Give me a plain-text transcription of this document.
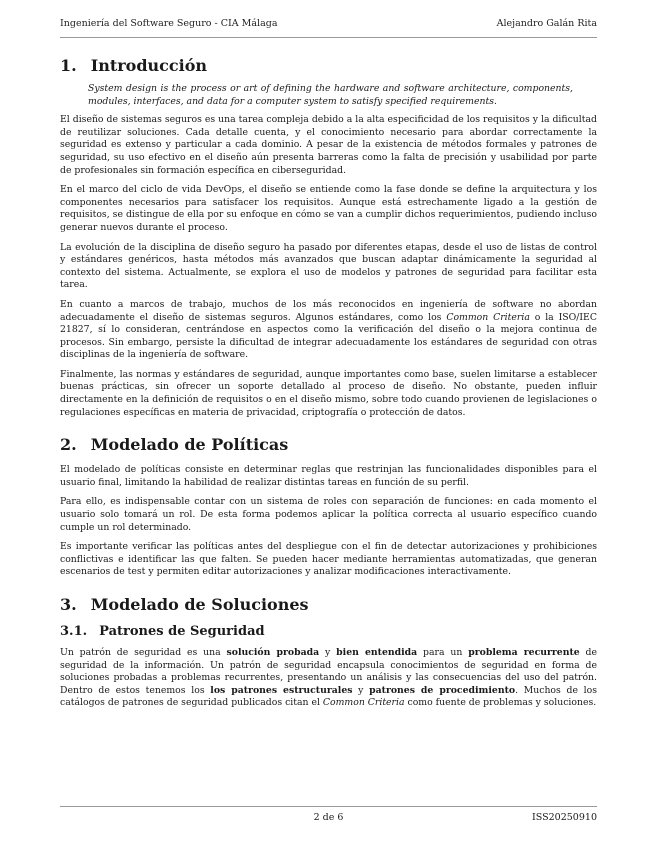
Ingeniería del Software Seguro - CIA Málaga	Alejandro Galán Rita
1. Introducción
System design is the process or art of defining the hardware and software architecture, components, modules, interfaces, and data for a computer system to satisfy specified requirements.

El diseño de sistemas seguros es una tarea compleja debido a la alta especificidad de los requisitos y la dificultad de reutilizar soluciones. Cada detalle cuenta, y el conocimiento necesario para abordar correctamente la seguridad es extenso y particular a cada dominio. A pesar de la existencia de métodos formales y patrones de seguridad, su uso efectivo en el diseño aún presenta barreras como la falta de precisión y usabilidad por parte de profesionales sin formación específica en ciberseguridad.

En el marco del ciclo de vida DevOps, el diseño se entiende como la fase donde se define la arquitectura y los componentes necesarios para satisfacer los requisitos. Aunque está estrechamente ligado a la gestión de requisitos, se distingue de ella por su enfoque en cómo se van a cumplir dichos requerimientos, pudiendo incluso generar nuevos durante el proceso.

La evolución de la disciplina de diseño seguro ha pasado por diferentes etapas, desde el uso de listas de control y estándares genéricos, hasta métodos más avanzados que buscan adaptar dinámicamente la seguridad al contexto del sistema. Actualmente, se explora el uso de modelos y patrones de seguridad para facilitar esta tarea.

En cuanto a marcos de trabajo, muchos de los más reconocidos en ingeniería de software no abordan adecuadamente el diseño de sistemas seguros. Algunos estándares, como los Common Criteria o la ISO/IEC 21827, sí lo consideran, centrándose en aspectos como la verificación del diseño o la mejora continua de procesos. Sin embargo, persiste la dificultad de integrar adecuadamente los estándares de seguridad con otras disciplinas de la ingeniería de software.

Finalmente, las normas y estándares de seguridad, aunque importantes como base, suelen limitarse a establecer buenas prácticas, sin ofrecer un soporte detallado al proceso de diseño. No obstante, pueden influir directamente en la definición de requisitos o en el diseño mismo, sobre todo cuando provienen de legislaciones o regulaciones específicas en materia de privacidad, criptografía o protección de datos.

2. Modelado de Políticas

El modelado de políticas consiste en determinar reglas que restrinjan las funcionalidades disponibles para el usuario final, limitando la habilidad de realizar distintas tareas en función de su perfil.

Para ello, es indispensable contar con un sistema de roles con separación de funciones: en cada momento el usuario solo tomará un rol. De esta forma podemos aplicar la política correcta al usuario específico cuando cumple un rol determinado.

Es importante verificar las políticas antes del despliegue con el fin de detectar autorizaciones y prohibiciones conflictivas e identificar las que falten. Se pueden hacer mediante herramientas automatizadas, que generan escenarios de test y permiten editar autorizaciones y analizar modificaciones interactivamente.

3. Modelado de Soluciones
3.1. Patrones de Seguridad

Un patrón de seguridad es una solución probada y bien entendida para un problema recurrente de seguridad de la información. Un patrón de seguridad encapsula conocimientos de seguridad en forma de soluciones probadas a problemas recurrentes, presentando un análisis y las consecuencias del uso del patrón. Dentro de estos tenemos los los patrones estructurales y patrones de procedimiento. Muchos de los catálogos de patrones de seguridad publicados citan el Common Criteria como fuente de problemas y soluciones.

2 de 6	ISS20250910
